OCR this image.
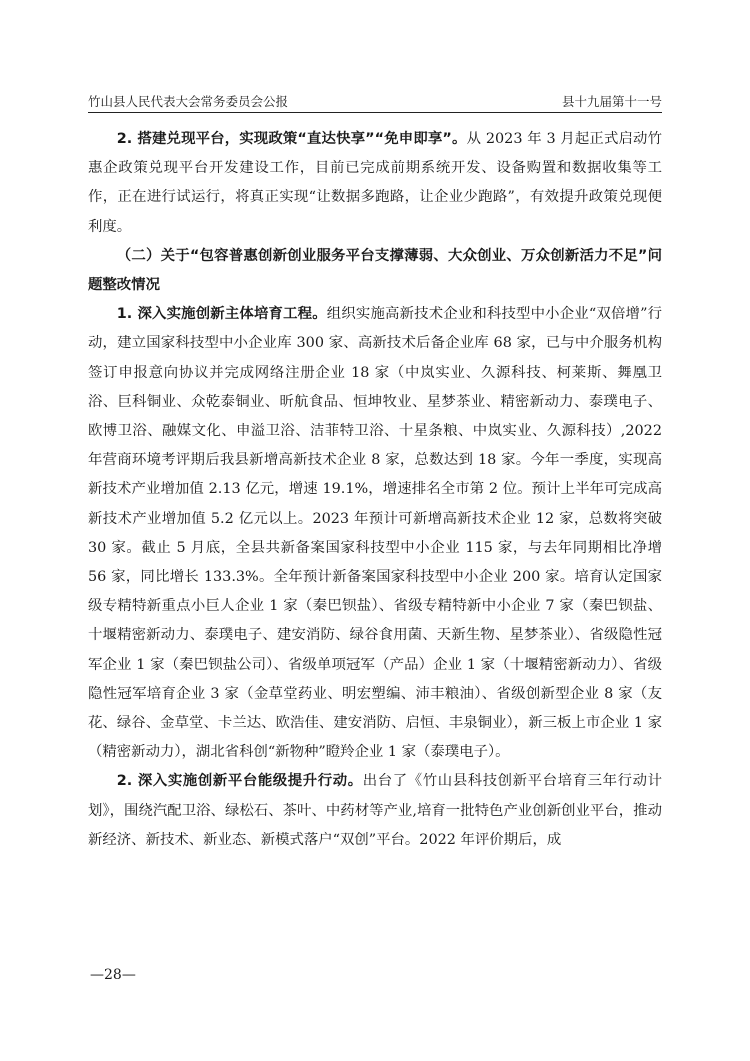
竹山县人民代表大会常务委员会公报	县十九届第十一号

2. 搭建兑现平台，实现政策“直达快享”“免申即享”。从 2023 年 3 月起正式启动竹惠企政策兑现平台开发建设工作，目前已完成前期系统开发、设备购置和数据收集等工作，正在进行试运行，将真正实现“让数据多跑路，让企业少跑路”，有效提升政策兑现便利度。

（二）关于“包容普惠创新创业服务平台支撑薄弱、大众创业、万众创新活力不足”问题整改情况

1. 深入实施创新主体培育工程。组织实施高新技术企业和科技型中小企业“双倍增”行动，建立国家科技型中小企业库 300 家、高新技术后备企业库 68 家，已与中介服务机构签订申报意向协议并完成网络注册企业 18 家（中岚实业、久源科技、柯莱斯、舞凰卫浴、巨科铜业、众乾泰铜业、昕航食品、恒坤牧业、星梦茶业、精密新动力、泰璞电子、欧博卫浴、融媒文化、申溢卫浴、洁菲特卫浴、十星条粮、中岚实业、久源科技）,2022 年营商环境考评期后我县新增高新技术企业 8 家，总数达到 18 家。今年一季度，实现高新技术产业增加值 2.13 亿元，增速 19.1%，增速排名全市第 2 位。预计上半年可完成高新技术产业增加值 5.2 亿元以上。2023 年预计可新增高新技术企业 12 家，总数将突破 30 家。截止 5 月底，全县共新备案国家科技型中小企业 115 家，与去年同期相比净增 56 家，同比增长 133.3%。全年预计新备案国家科技型中小企业 200 家。培育认定国家级专精特新重点小巨人企业 1 家（秦巴钡盐）、省级专精特新中小企业 7 家（秦巴钡盐、十堰精密新动力、泰璞电子、建安消防、绿谷食用菌、天新生物、星梦茶业）、省级隐性冠军企业 1 家（秦巴钡盐公司）、省级单项冠军（产品）企业 1 家（十堰精密新动力）、省级隐性冠军培育企业 3 家（金草堂药业、明宏塑编、沛丰粮油）、省级创新型企业 8 家（友花、绿谷、金草堂、卡兰达、欧浩佳、建安消防、启恒、丰泉铜业），新三板上市企业 1 家（精密新动力），湖北省科创“新物种”瞪羚企业 1 家（泰璞电子）。

2. 深入实施创新平台能级提升行动。出台了《竹山县科技创新平台培育三年行动计划》，围绕汽配卫浴、绿松石、茶叶、中药材等产业,培育一批特色产业创新创业平台，推动新经济、新技术、新业态、新模式落户“双创”平台。2022 年评价期后，成

—28—
